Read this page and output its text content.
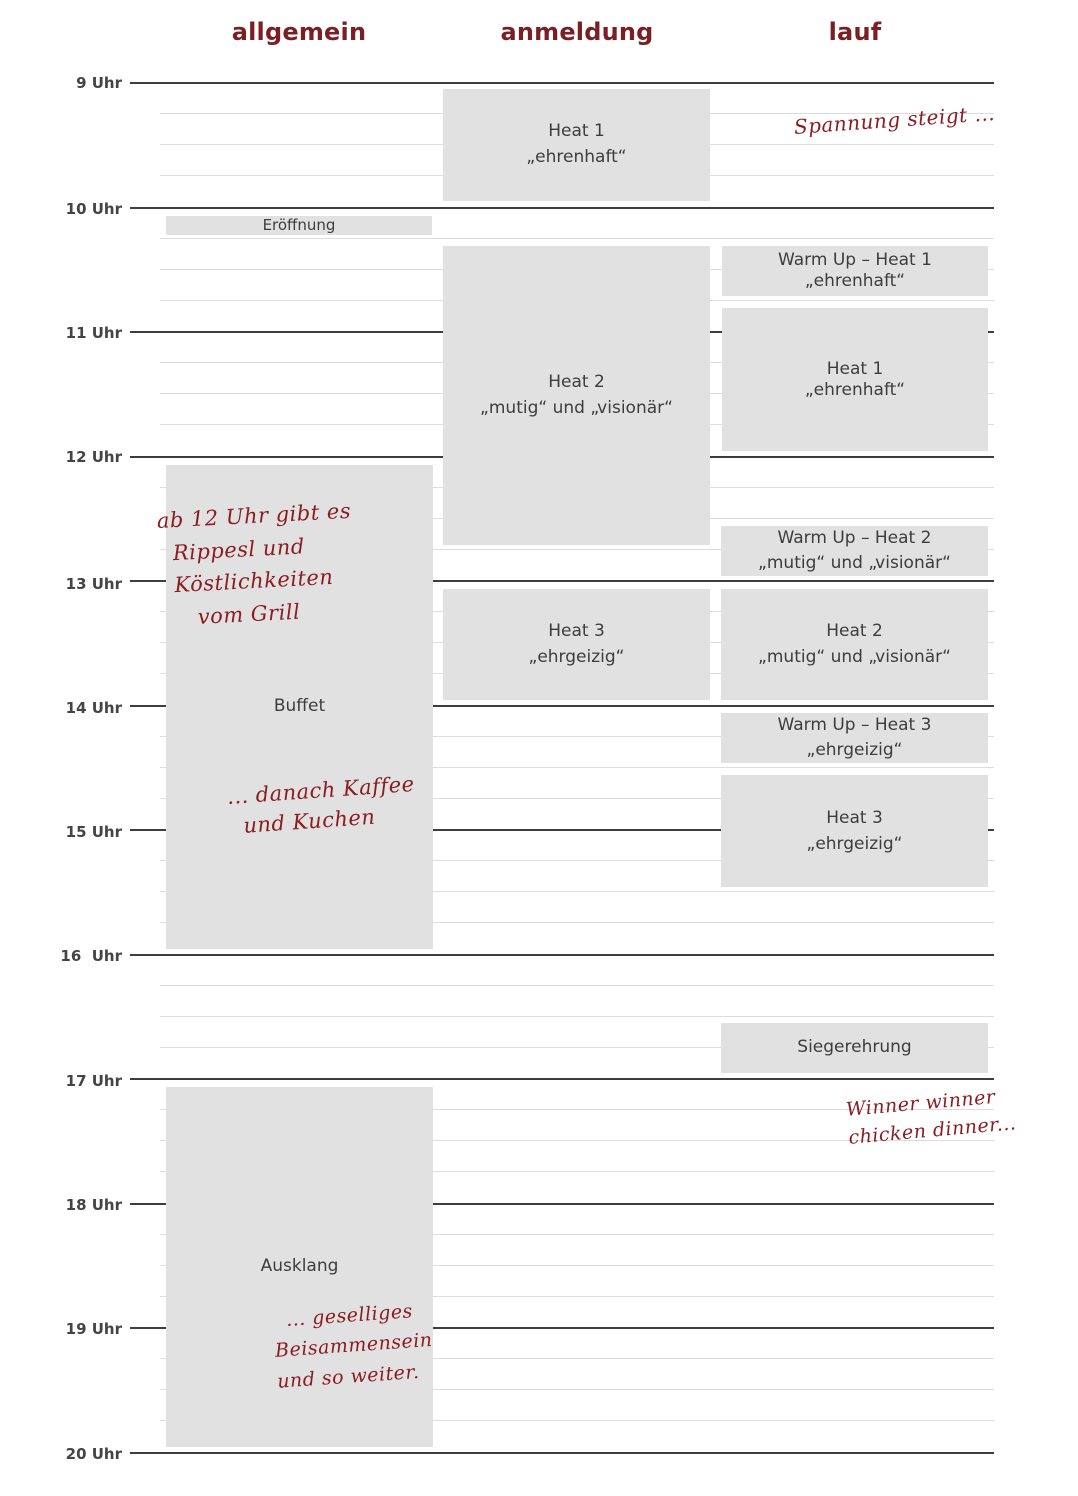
allgemein	anmeldung	lauf
9 Uhr
10 Uhr
11 Uhr
12 Uhr
13 Uhr
14 Uhr
15 Uhr
16  Uhr
17 Uhr
18 Uhr
19 Uhr
20 Uhr
Eröffnung
Buffet
Ausklang
Heat 1
„ehrenhaft“
Heat 2
„mutig“ und „visionär“
Heat 3
„ehrgeizig“
Warm Up – Heat 1
„ehrenhaft“
Heat 1
„ehrenhaft“
Warm Up – Heat 2
„mutig“ und „visionär“
Heat 2
„mutig“ und „visionär“
Warm Up – Heat 3
„ehrgeizig“
Heat 3
„ehrgeizig“
Siegerehrung
Spannung steigt ...
ab 12 Uhr gibt es
Rippesl und
Köstlichkeiten
vom Grill
... danach Kaffee
und Kuchen
Winner winner
chicken dinner...
... geselliges
Beisammensein
und so weiter.
